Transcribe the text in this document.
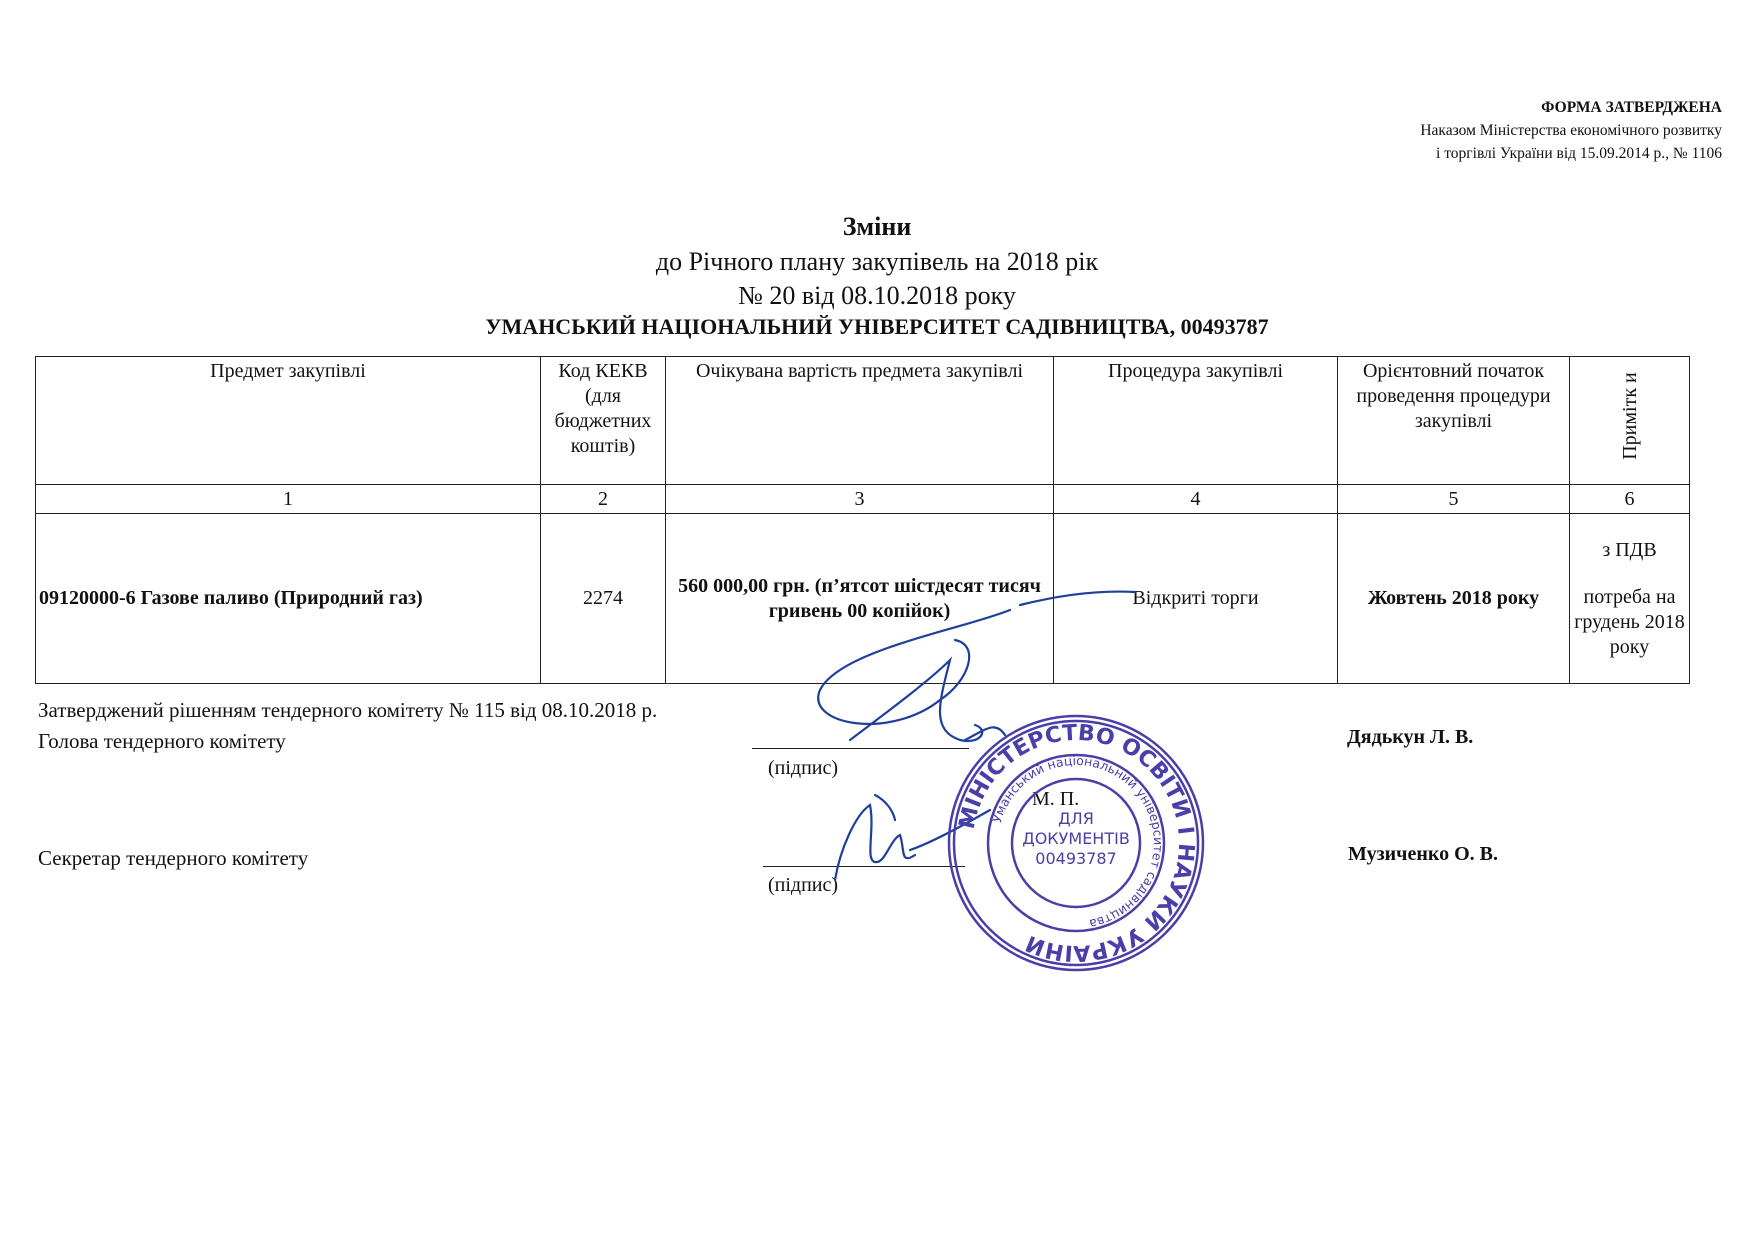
ФОРМА ЗАТВЕРДЖЕНА
Наказом Міністерства економічного розвитку
і торгівлі України від 15.09.2014 р., № 1106
Зміни
до Річного плану закупівель на 2018 рік
№ 20 від 08.10.2018 року
УМАНСЬКИЙ НАЦІОНАЛЬНИЙ УНІВЕРСИТЕТ САДІВНИЦТВА, 00493787
Предмет закупівлі	Код КЕКВ (для бюджетних коштів)	Очікувана вартість предмета закупівлі	Процедура закупівлі	Орієнтовний початок проведення процедури закупівлі	Примітк и
1	2	3	4	5	6
09120000-6 Газове паливо (Природний газ)	2274	560 000,00 грн. (п’ятсот шістдесят тисяч гривень 00 копійок)	Відкриті торги	Жовтень 2018 року	з ПДВ
потреба на грудень 2018 року
Затверджений рішенням тендерного комітету № 115 від 08.10.2018 р.
Голова тендерного комітету
(підпис)
Дядькун Л. В.
М. П.
Секретар тендерного комітету
(підпис)
Музиченко О. В.
МІНІСТЕРСТВО ОСВІТИ І НАУКИ УКРАЇНИ
Уманський національний університет садівництва
ДЛЯ
ДОКУМЕНТІВ
00493787
